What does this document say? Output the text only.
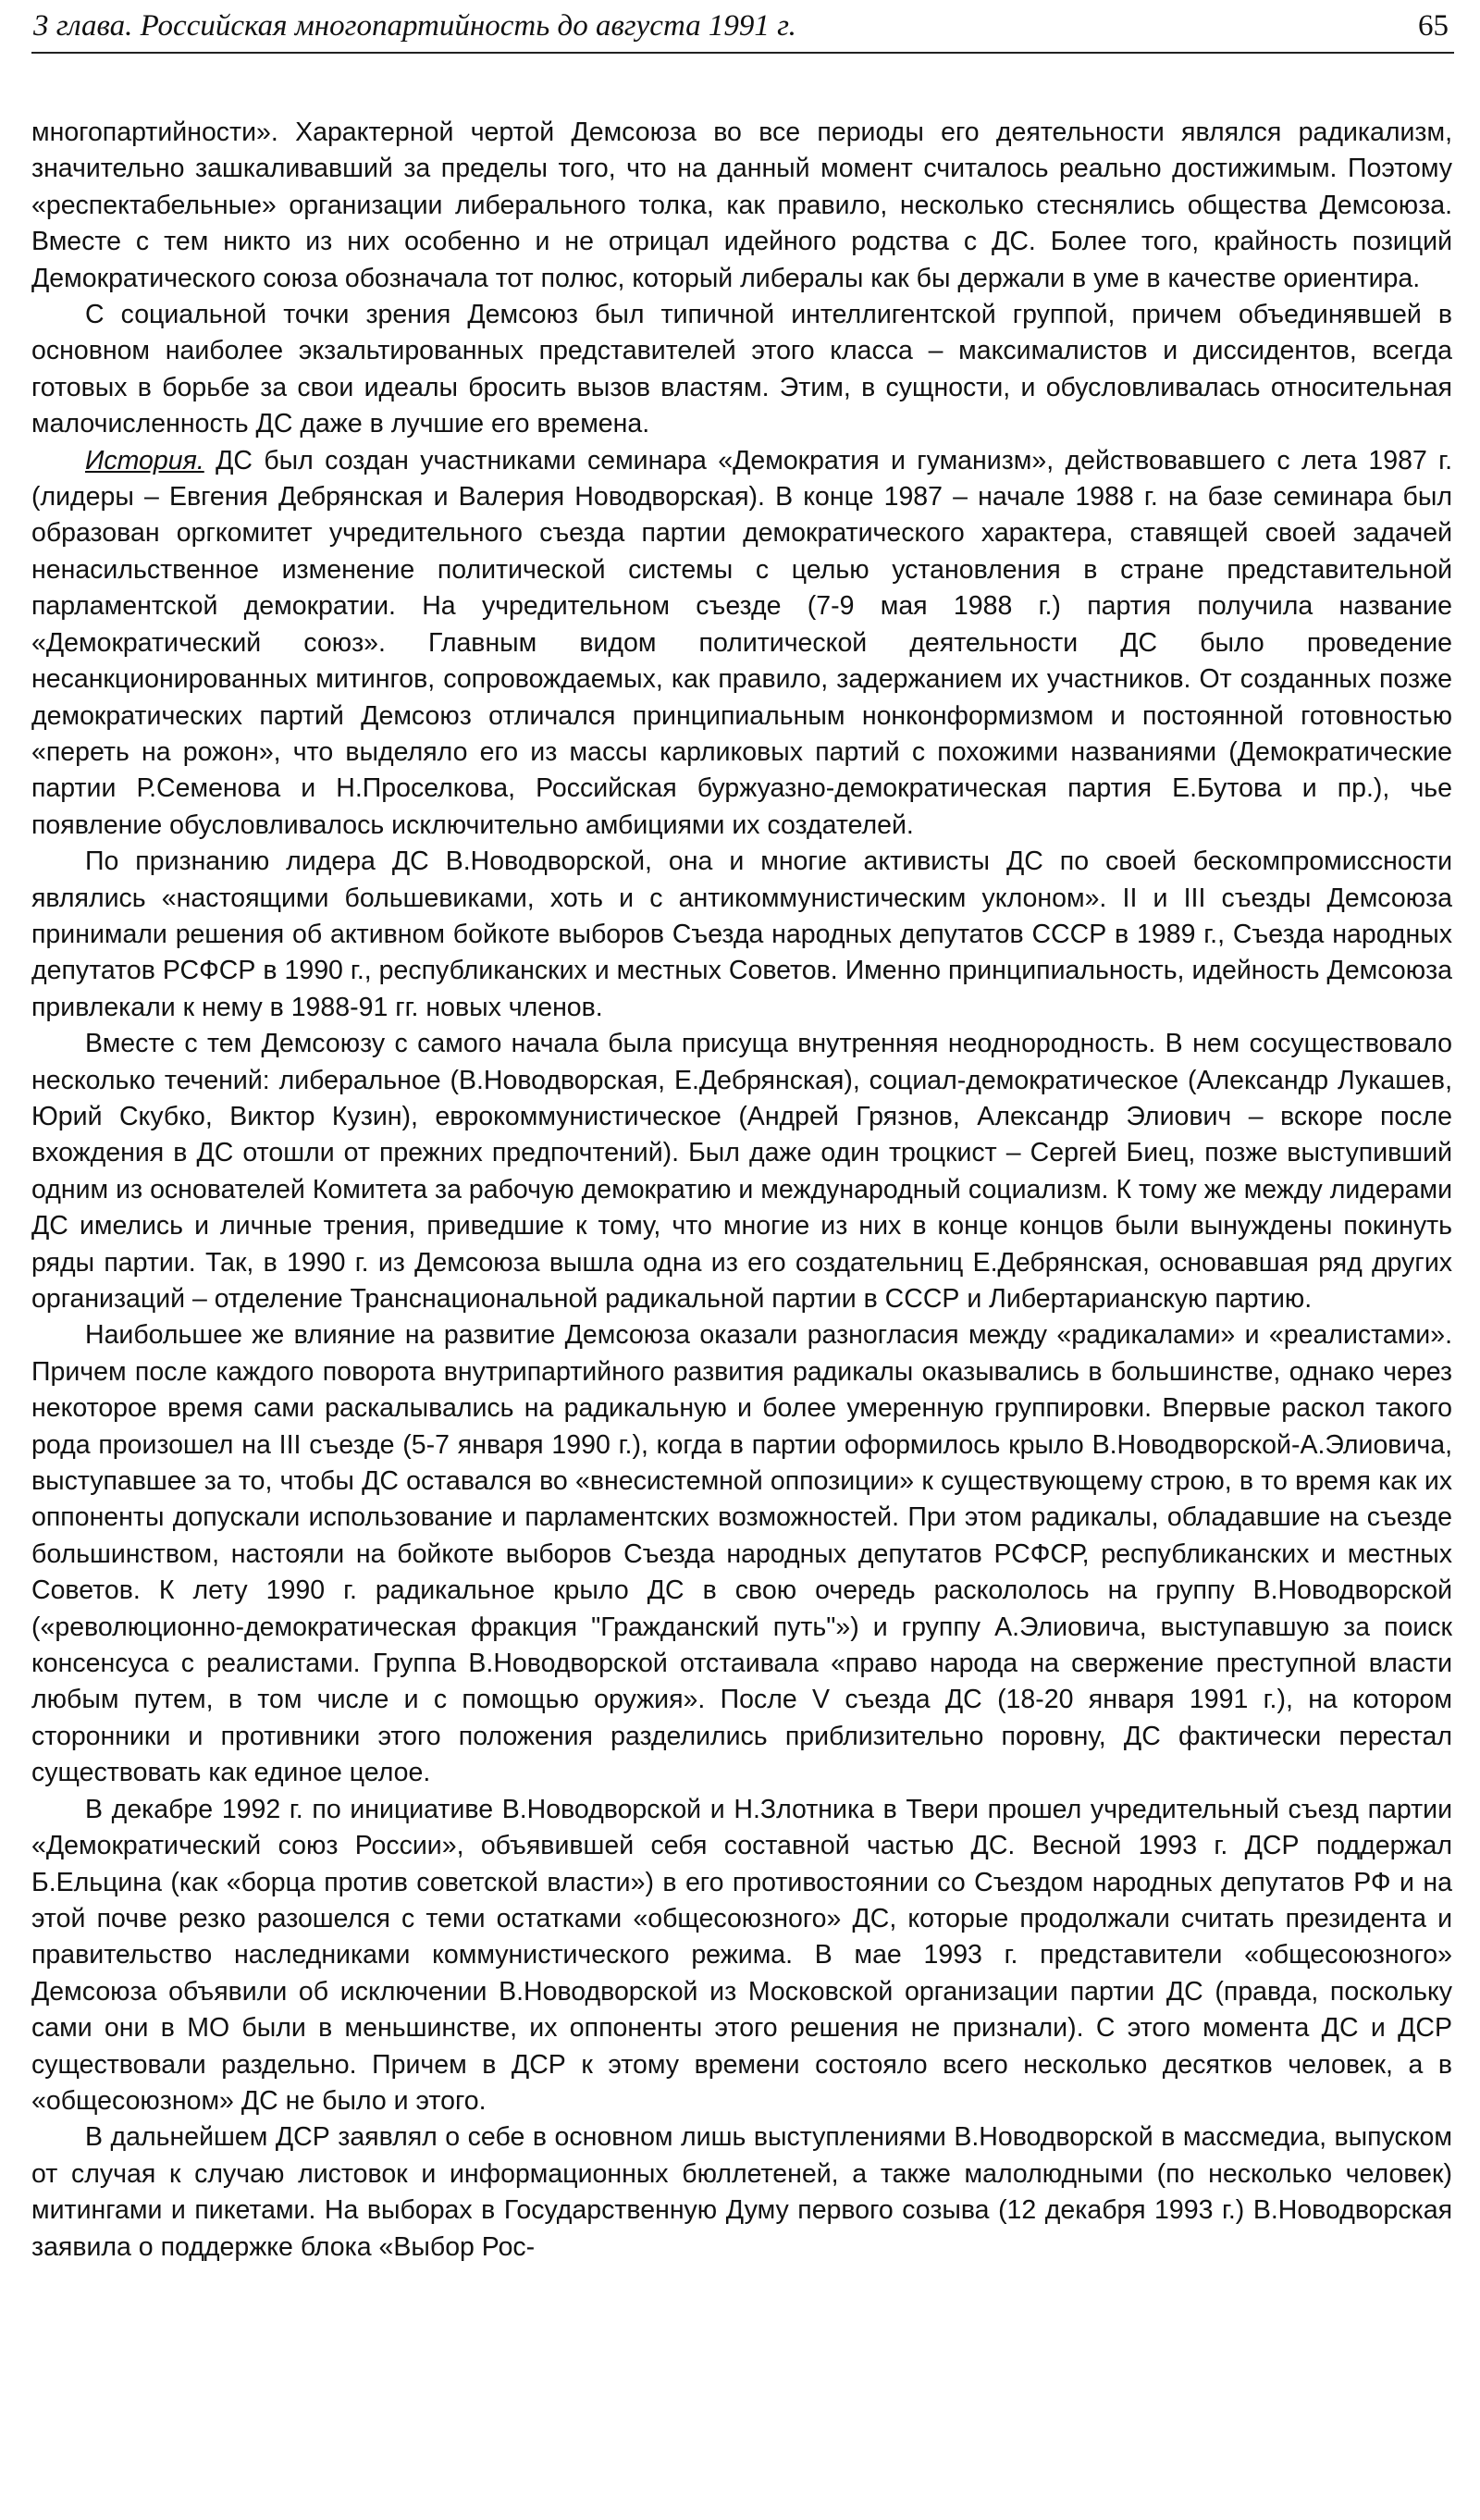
3 глава. Российская многопартийность до августа 1991 г.	65

многопартийности». Характерной чертой Демсоюза во все периоды его деятельности являлся радикализм, значительно зашкаливавший за пределы того, что на данный момент считалось реально достижимым. Поэтому «респектабельные» организации либерального толка, как правило, несколько стеснялись общества Демсоюза. Вместе с тем никто из них особенно и не отрицал идейного родства с ДС. Более того, крайность позиций Демократического союза обозначала тот полюс, который либералы как бы держали в уме в качестве ориентира.

С социальной точки зрения Демсоюз был типичной интеллигентской группой, причем объединявшей в основном наиболее экзальтированных представителей этого класса – максималистов и диссидентов, всегда готовых в борьбе за свои идеалы бросить вызов властям. Этим, в сущности, и обусловливалась относительная малочисленность ДС даже в лучшие его времена.

История. ДС был создан участниками семинара «Демократия и гуманизм», действовавшего с лета 1987 г. (лидеры – Евгения Дебрянская и Валерия Новодворская). В конце 1987 – начале 1988 г. на базе семинара был образован оргкомитет учредительного съезда партии демократического характера, ставящей своей задачей ненасильственное изменение политической системы с целью установления в стране представительной парламентской демократии. На учредительном съезде (7-9 мая 1988 г.) партия получила название «Демократический союз». Главным видом политической деятельности ДС было проведение несанкционированных митингов, сопровождаемых, как правило, задержанием их участников. От созданных позже демократических партий Демсоюз отличался принципиальным нонконформизмом и постоянной готовностью «переть на рожон», что выделяло его из массы карликовых партий с похожими названиями (Демократические партии Р.Семенова и Н.Проселкова, Российская буржуазно-демократическая партия Е.Бутова и пр.), чье появление обусловливалось исключительно амбициями их создателей.

По признанию лидера ДС В.Новодворской, она и многие активисты ДС по своей бескомпромиссности являлись «настоящими большевиками, хоть и с антикоммунистическим уклоном». II и III съезды Демсоюза принимали решения об активном бойкоте выборов Съезда народных депутатов СССР в 1989 г., Съезда народных депутатов РСФСР в 1990 г., республиканских и местных Советов. Именно принципиальность, идейность Демсоюза привлекали к нему в 1988-91 гг. новых членов.

Вместе с тем Демсоюзу с самого начала была присуща внутренняя неоднородность. В нем сосуществовало несколько течений: либеральное (В.Новодворская, Е.Дебрянская), социал-демократическое (Александр Лукашев, Юрий Скубко, Виктор Кузин), еврокоммунистическое (Андрей Грязнов, Александр Элиович – вскоре после вхождения в ДС отошли от прежних предпочтений). Был даже один троцкист – Сергей Биец, позже выступивший одним из основателей Комитета за рабочую демократию и международный социализм. К тому же между лидерами ДС имелись и личные трения, приведшие к тому, что многие из них в конце концов были вынуждены покинуть ряды партии. Так, в 1990 г. из Демсоюза вышла одна из его создательниц Е.Дебрянская, основавшая ряд других организаций – отделение Транснациональной радикальной партии в СССР и Либертарианскую партию.

Наибольшее же влияние на развитие Демсоюза оказали разногласия между «радикалами» и «реалистами». Причем после каждого поворота внутрипартийного развития радикалы оказывались в большинстве, однако через некоторое время сами раскалывались на радикальную и более умеренную группировки. Впервые раскол такого рода произошел на III съезде (5-7 января 1990 г.), когда в партии оформилось крыло В.Новодворской-А.Элиовича, выступавшее за то, чтобы ДС оставался во «внесистемной оппозиции» к существующему строю, в то время как их оппоненты допускали использование и парламентских возможностей. При этом радикалы, обладавшие на съезде большинством, настояли на бойкоте выборов Съезда народных депутатов РСФСР, республиканских и местных Советов. К лету 1990 г. радикальное крыло ДС в свою очередь раскололось на группу В.Новодворской («революционно-демократическая фракция "Гражданский путь"») и группу А.Элиовича, выступавшую за поиск консенсуса с реалистами. Группа В.Новодворской отстаивала «право народа на свержение преступной власти любым путем, в том числе и с помощью оружия». После V съезда ДС (18-20 января 1991 г.), на котором сторонники и противники этого положения разделились приблизительно поровну, ДС фактически перестал существовать как единое целое.

В декабре 1992 г. по инициативе В.Новодворской и Н.Злотника в Твери прошел учредительный съезд партии «Демократический союз России», объявившей себя составной частью ДС. Весной 1993 г. ДСР поддержал Б.Ельцина (как «борца против советской власти») в его противостоянии со Съездом народных депутатов РФ и на этой почве резко разошелся с теми остатками «общесоюзного» ДС, которые продолжали считать президента и правительство наследниками коммунистического режима. В мае 1993 г. представители «общесоюзного» Демсоюза объявили об исключении В.Новодворской из Московской организации партии ДС (правда, поскольку сами они в МО были в меньшинстве, их оппоненты этого решения не признали). С этого момента ДС и ДСР существовали раздельно. Причем в ДСР к этому времени состояло всего несколько десятков человек, а в «общесоюзном» ДС не было и этого.

В дальнейшем ДСР заявлял о себе в основном лишь выступлениями В.Новодворской в массмедиа, выпуском от случая к случаю листовок и информационных бюллетеней, а также малолюдными (по несколько человек) митингами и пикетами. На выборах в Государственную Думу первого созыва (12 декабря 1993 г.) В.Новодворская заявила о поддержке блока «Выбор Рос-
